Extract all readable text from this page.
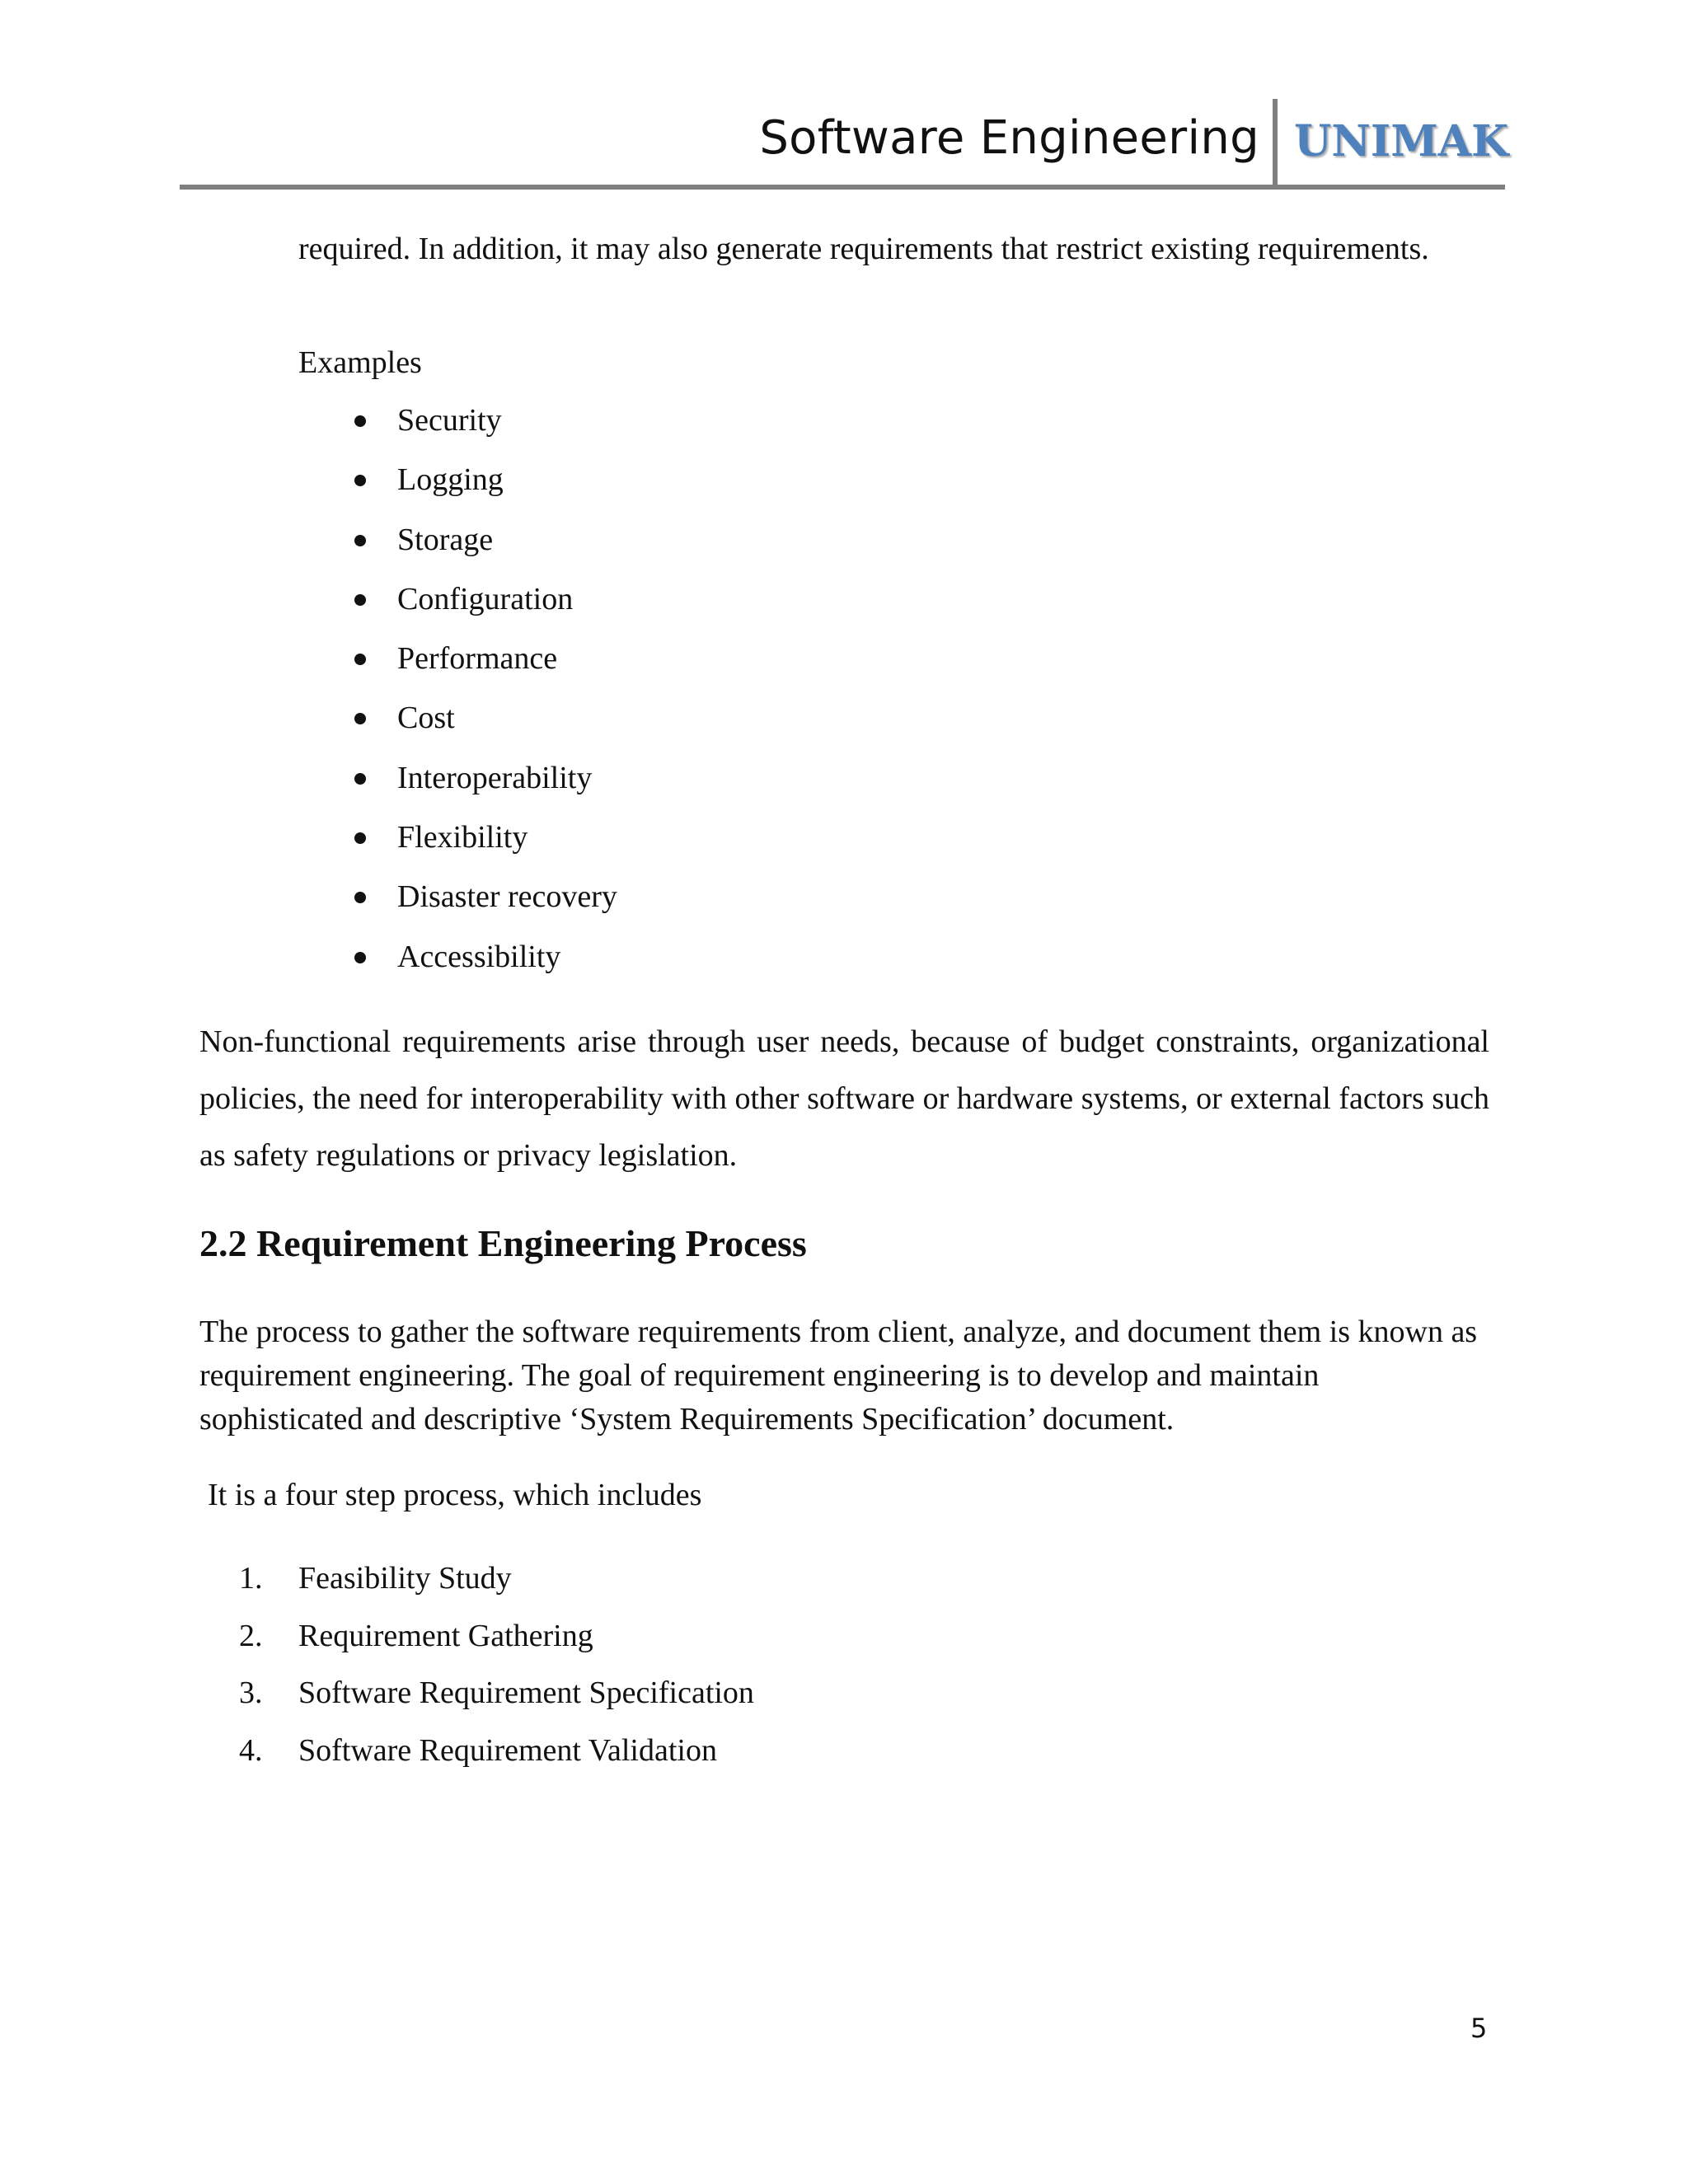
Software Engineering UNIMAK

required. In addition, it may also generate requirements that restrict existing requirements.

Examples
Security
Logging
Storage
Configuration
Performance
Cost
Interoperability
Flexibility
Disaster recovery
Accessibility

Non-functional requirements arise through user needs, because of budget constraints, organizational policies, the need for interoperability with other software or hardware systems, or external factors such as safety regulations or privacy legislation.

2.2 Requirement Engineering Process

The process to gather the software requirements from client, analyze, and document them is known as requirement engineering. The goal of requirement engineering is to develop and maintain sophisticated and descriptive ‘System Requirements Specification’ document.

It is a four step process, which includes
1. Feasibility Study
2. Requirement Gathering
3. Software Requirement Specification
4. Software Requirement Validation
5
